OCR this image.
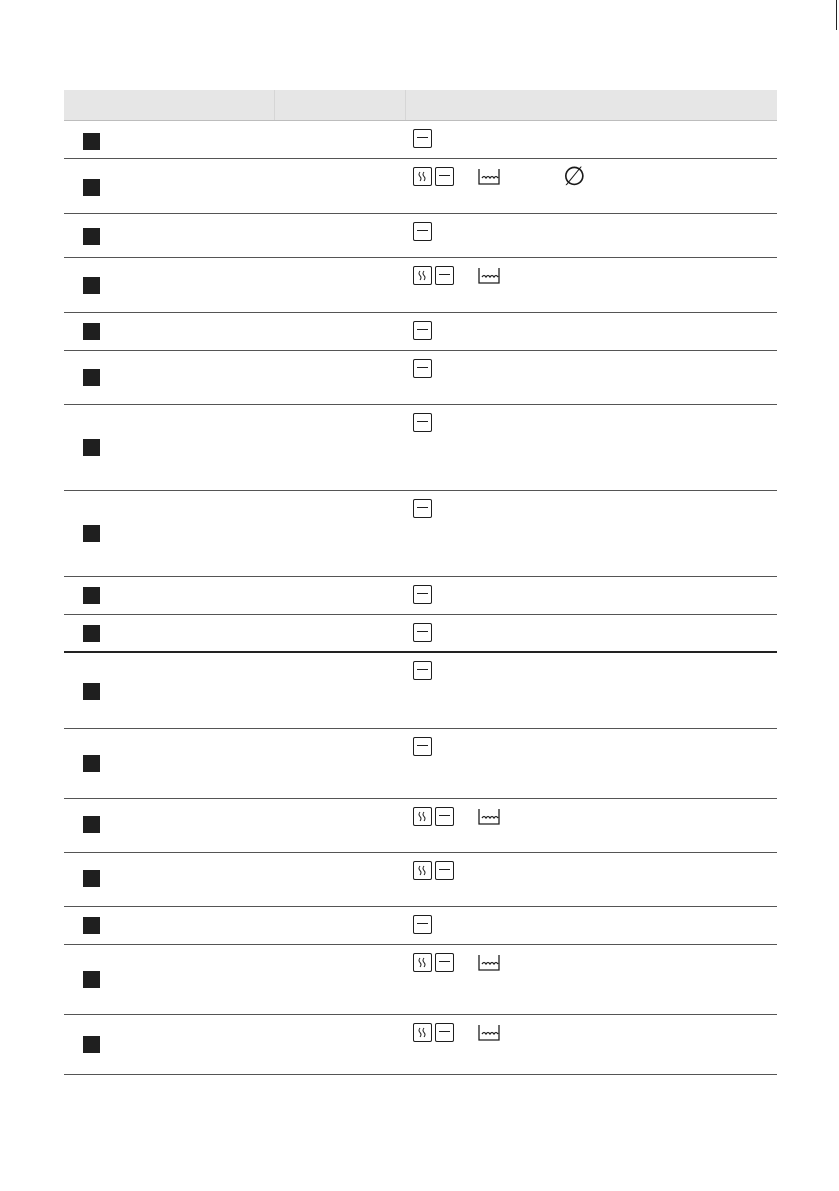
∅
